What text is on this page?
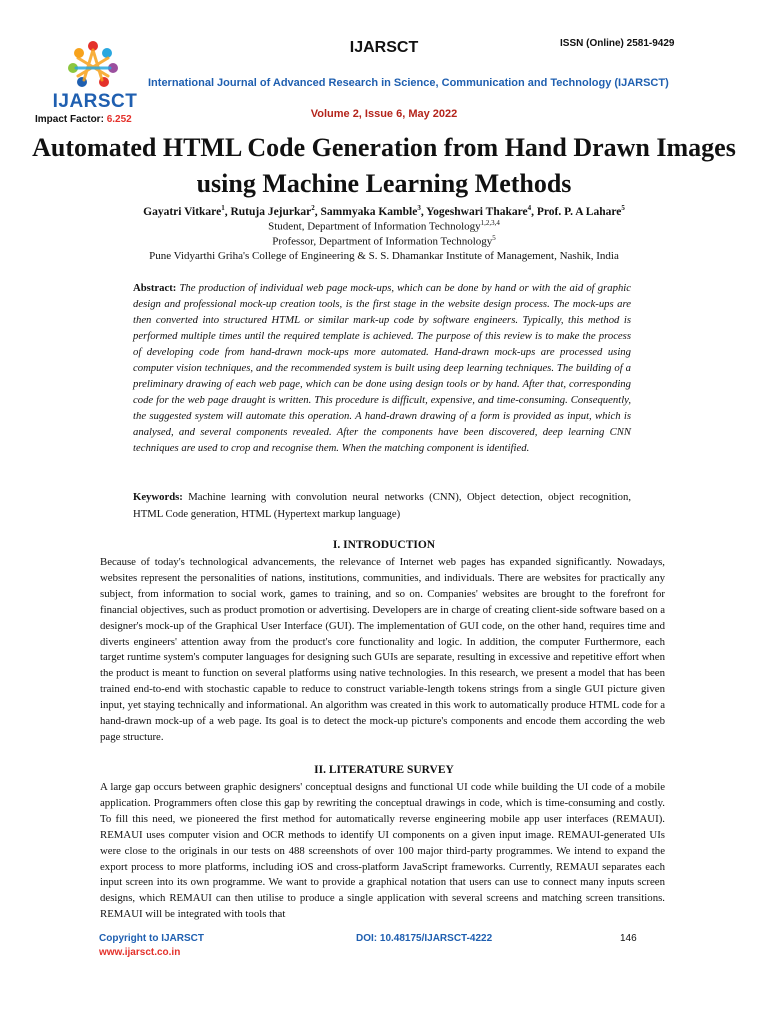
IJARSCT
Impact Factor: 6.252
IJARSCT	ISSN (Online) 2581-9429
International Journal of Advanced Research in Science, Communication and Technology (IJARSCT)
Volume 2, Issue 6, May 2022
Automated HTML Code Generation from Hand Drawn Images using Machine Learning Methods
Gayatri Vitkare$^1$, Rutuja Jejurkar$^2$, Sammyaka Kamble$^3$, Yogeshwari Thakare$^4$, Prof. P. A Lahare$^5$
Student, Department of Information Technology$^{1,2,3,4}$
Professor, Department of Information Technology$^5$
Pune Vidyarthi Griha's College of Engineering & S. S. Dhamankar Institute of Management, Nashik, India

Abstract: The production of individual web page mock-ups, which can be done by hand or with the aid of graphic design and professional mock-up creation tools, is the first stage in the website design process. The mock-ups are then converted into structured HTML or similar mark-up code by software engineers. Typically, this method is performed multiple times until the required template is achieved. The purpose of this review is to make the process of developing code from hand-drawn mock-ups more automated. Hand-drawn mock-ups are processed using computer vision techniques, and the recommended system is built using deep learning techniques. The building of a preliminary drawing of each web page, which can be done using design tools or by hand. After that, corresponding code for the web page draught is written. This procedure is difficult, expensive, and time-consuming. Consequently, the suggested system will automate this operation. A hand-drawn drawing of a form is provided as input, which is analysed, and several components revealed. After the components have been discovered, deep learning CNN techniques are used to crop and recognise them. When the matching component is identified.

Keywords: Machine learning with convolution neural networks (CNN), Object detection, object recognition, HTML Code generation, HTML (Hypertext markup language)

I. INTRODUCTION

Because of today's technological advancements, the relevance of Internet web pages has expanded significantly. Nowadays, websites represent the personalities of nations, institutions, communities, and individuals. There are websites for practically any subject, from information to social work, games to training, and so on. Companies' websites are brought to the forefront for financial objectives, such as product promotion or advertising. Developers are in charge of creating client-side software based on a designer's mock-up of the Graphical User Interface (GUI). The implementation of GUI code, on the other hand, requires time and diverts engineers' attention away from the product's core functionality and logic. In addition, the computer Furthermore, each target runtime system's computer languages for designing such GUIs are separate, resulting in excessive and repetitive effort when the product is meant to function on several platforms using native technologies. In this research, we present a model that has been trained end-to-end with stochastic capable to reduce to construct variable-length tokens strings from a single GUI picture given input, yet staying technically and informational. An algorithm was created in this work to automatically produce HTML code for a hand-drawn mock-up of a web page. Its goal is to detect the mock-up picture's components and encode them according the web page structure.

II. LITERATURE SURVEY

A large gap occurs between graphic designers' conceptual designs and functional UI code while building the UI code of a mobile application. Programmers often close this gap by rewriting the conceptual drawings in code, which is time-consuming and costly. To fill this need, we pioneered the first method for automatically reverse engineering mobile app user interfaces (REMAUI). REMAUI uses computer vision and OCR methods to identify UI components on a given input image. REMAUI-generated UIs were close to the originals in our tests on 488 screenshots of over 100 major third-party programmes. We intend to expand the export process to more platforms, including iOS and cross-platform JavaScript frameworks. Currently, REMAUI separates each input screen into its own programme. We want to provide a graphical notation that users can use to connect many inputs screen designs, which REMAUI can then utilise to produce a single application with several screens and matching screen transitions. REMAUI will be integrated with tools that

Copyright to IJARSCT
www.ijarsct.co.in
DOI: 10.48175/IJARSCT-4222	146
